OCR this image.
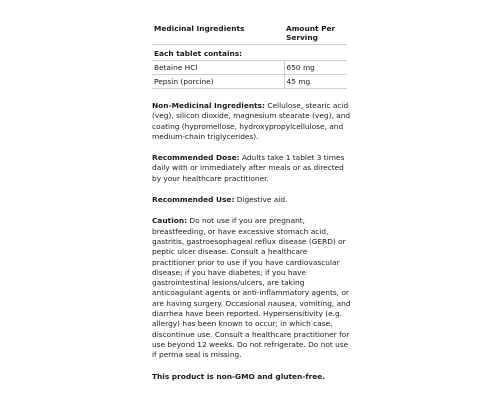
Medicinal Ingredients	Amount Per
Serving
Each tablet contains:	
Betaine HCl	650 mg
Pepsin (porcine)	45 mg

Non-Medicinal Ingredients: Cellulose, stearic acid (veg), silicon dioxide, magnesium stearate (veg), and coating (hypromellose, hydroxypropylcellulose, and medium-chain triglycerides).

Recommended Dose: Adults take 1 tablet 3 times daily with or immediately after meals or as directed by your healthcare practitioner.

Recommended Use: Digestive aid.

Caution: Do not use if you are pregnant, breastfeeding, or have excessive stomach acid, gastritis, gastroesophageal reflux disease (GERD) or peptic ulcer disease. Consult a healthcare practitioner prior to use if you have cardiovascular disease; if you have diabetes; if you have gastrointestinal lesions/ulcers, are taking anticoagulant agents or anti-inflammatory agents, or are having surgery. Occasional nausea, vomiting, and diarrhea have been reported. Hypersensitivity (e.g. allergy) has been known to occur; in which case, discontinue use. Consult a healthcare practitioner for use beyond 12 weeks. Do not refrigerate. Do not use if perma seal is missing.

This product is non-GMO and gluten-free.
